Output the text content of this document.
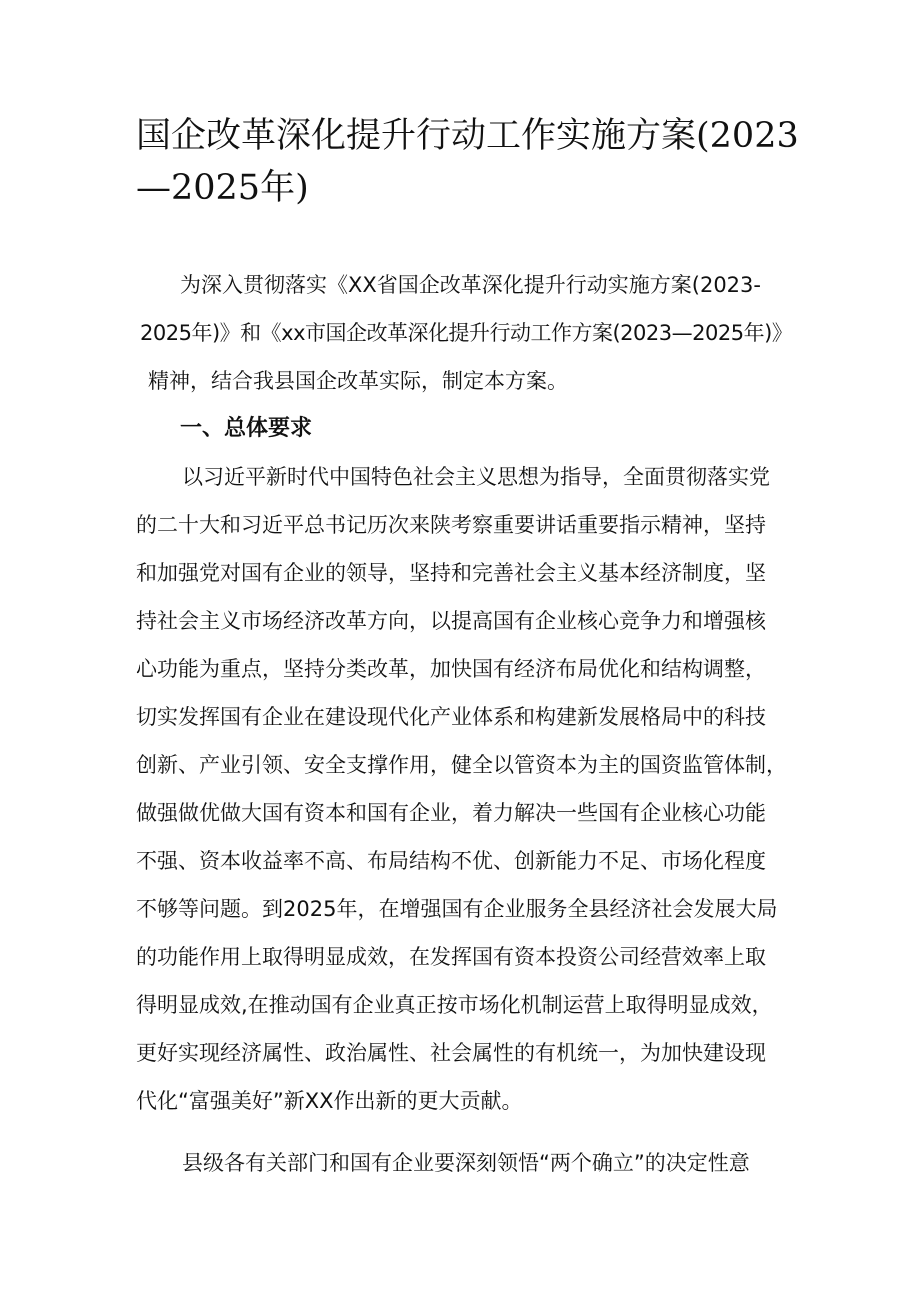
国企改革深化提升行动工作实施方案(2023
—2025年)
为深入贯彻落实《XX省国企改革深化提升行动实施方案(2023-
2025年)》和《xx市国企改革深化提升行动工作方案(2023—2025年)》
精神，结合我县国企改革实际，制定本方案。
一、总体要求
以习近平新时代中国特色社会主义思想为指导，全面贯彻落实党
的二十大和习近平总书记历次来陕考察重要讲话重要指示精神，坚持
和加强党对国有企业的领导，坚持和完善社会主义基本经济制度，坚
持社会主义市场经济改革方向，以提高国有企业核心竞争力和增强核
心功能为重点，坚持分类改革，加快国有经济布局优化和结构调整，
切实发挥国有企业在建设现代化产业体系和构建新发展格局中的科技
创新、产业引领、安全支撑作用，健全以管资本为主的国资监管体制，
做强做优做大国有资本和国有企业，着力解决一些国有企业核心功能
不强、资本收益率不高、布局结构不优、创新能力不足、市场化程度
不够等问题。到2025年，在增强国有企业服务全县经济社会发展大局
的功能作用上取得明显成效，在发挥国有资本投资公司经营效率上取
得明显成效,在推动国有企业真正按市场化机制运营上取得明显成效，
更好实现经济属性、政治属性、社会属性的有机统一，为加快建设现
代化“富强美好”新XX作出新的更大贡献。
县级各有关部门和国有企业要深刻领悟“两个确立”的决定性意
